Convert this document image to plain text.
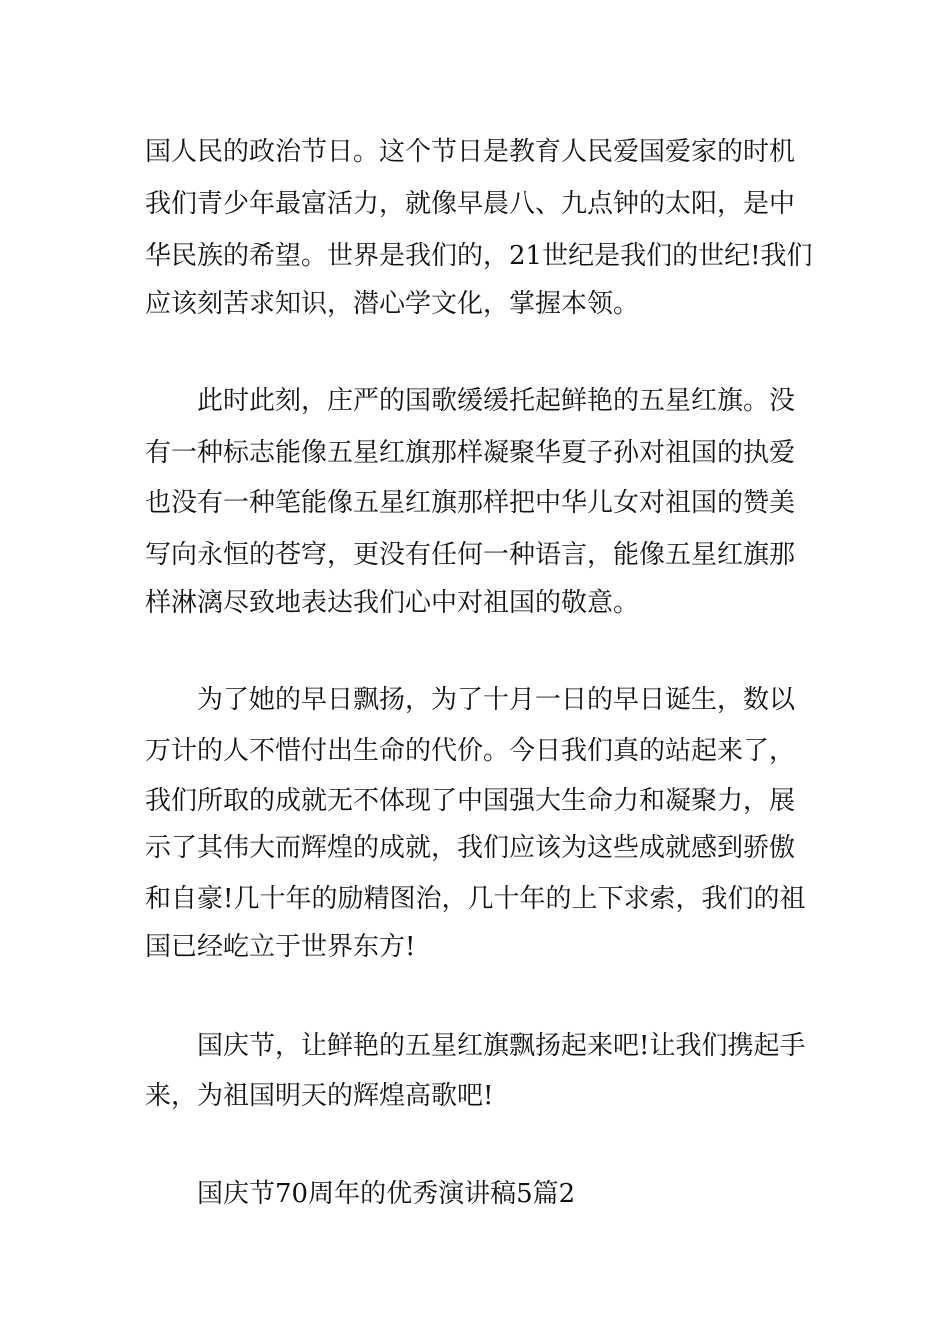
国人民的政治节日。这个节日是教育人民爱国爱家的时机
我们青少年最富活力，就像早晨八、九点钟的太阳，是中
华民族的希望。世界是我们的，21世纪是我们的世纪!我们
应该刻苦求知识，潜心学文化，掌握本领。
此时此刻，庄严的国歌缓缓托起鲜艳的五星红旗。没
有一种标志能像五星红旗那样凝聚华夏子孙对祖国的执爱
也没有一种笔能像五星红旗那样把中华儿女对祖国的赞美
写向永恒的苍穹，更没有任何一种语言，能像五星红旗那
样淋漓尽致地表达我们心中对祖国的敬意。
为了她的早日飘扬，为了十月一日的早日诞生，数以
万计的人不惜付出生命的代价。今日我们真的站起来了，
我们所取的成就无不体现了中国强大生命力和凝聚力，展
示了其伟大而辉煌的成就，我们应该为这些成就感到骄傲
和自豪!几十年的励精图治，几十年的上下求索，我们的祖
国已经屹立于世界东方!
国庆节，让鲜艳的五星红旗飘扬起来吧!让我们携起手
来，为祖国明天的辉煌高歌吧!
国庆节70周年的优秀演讲稿5篇2
